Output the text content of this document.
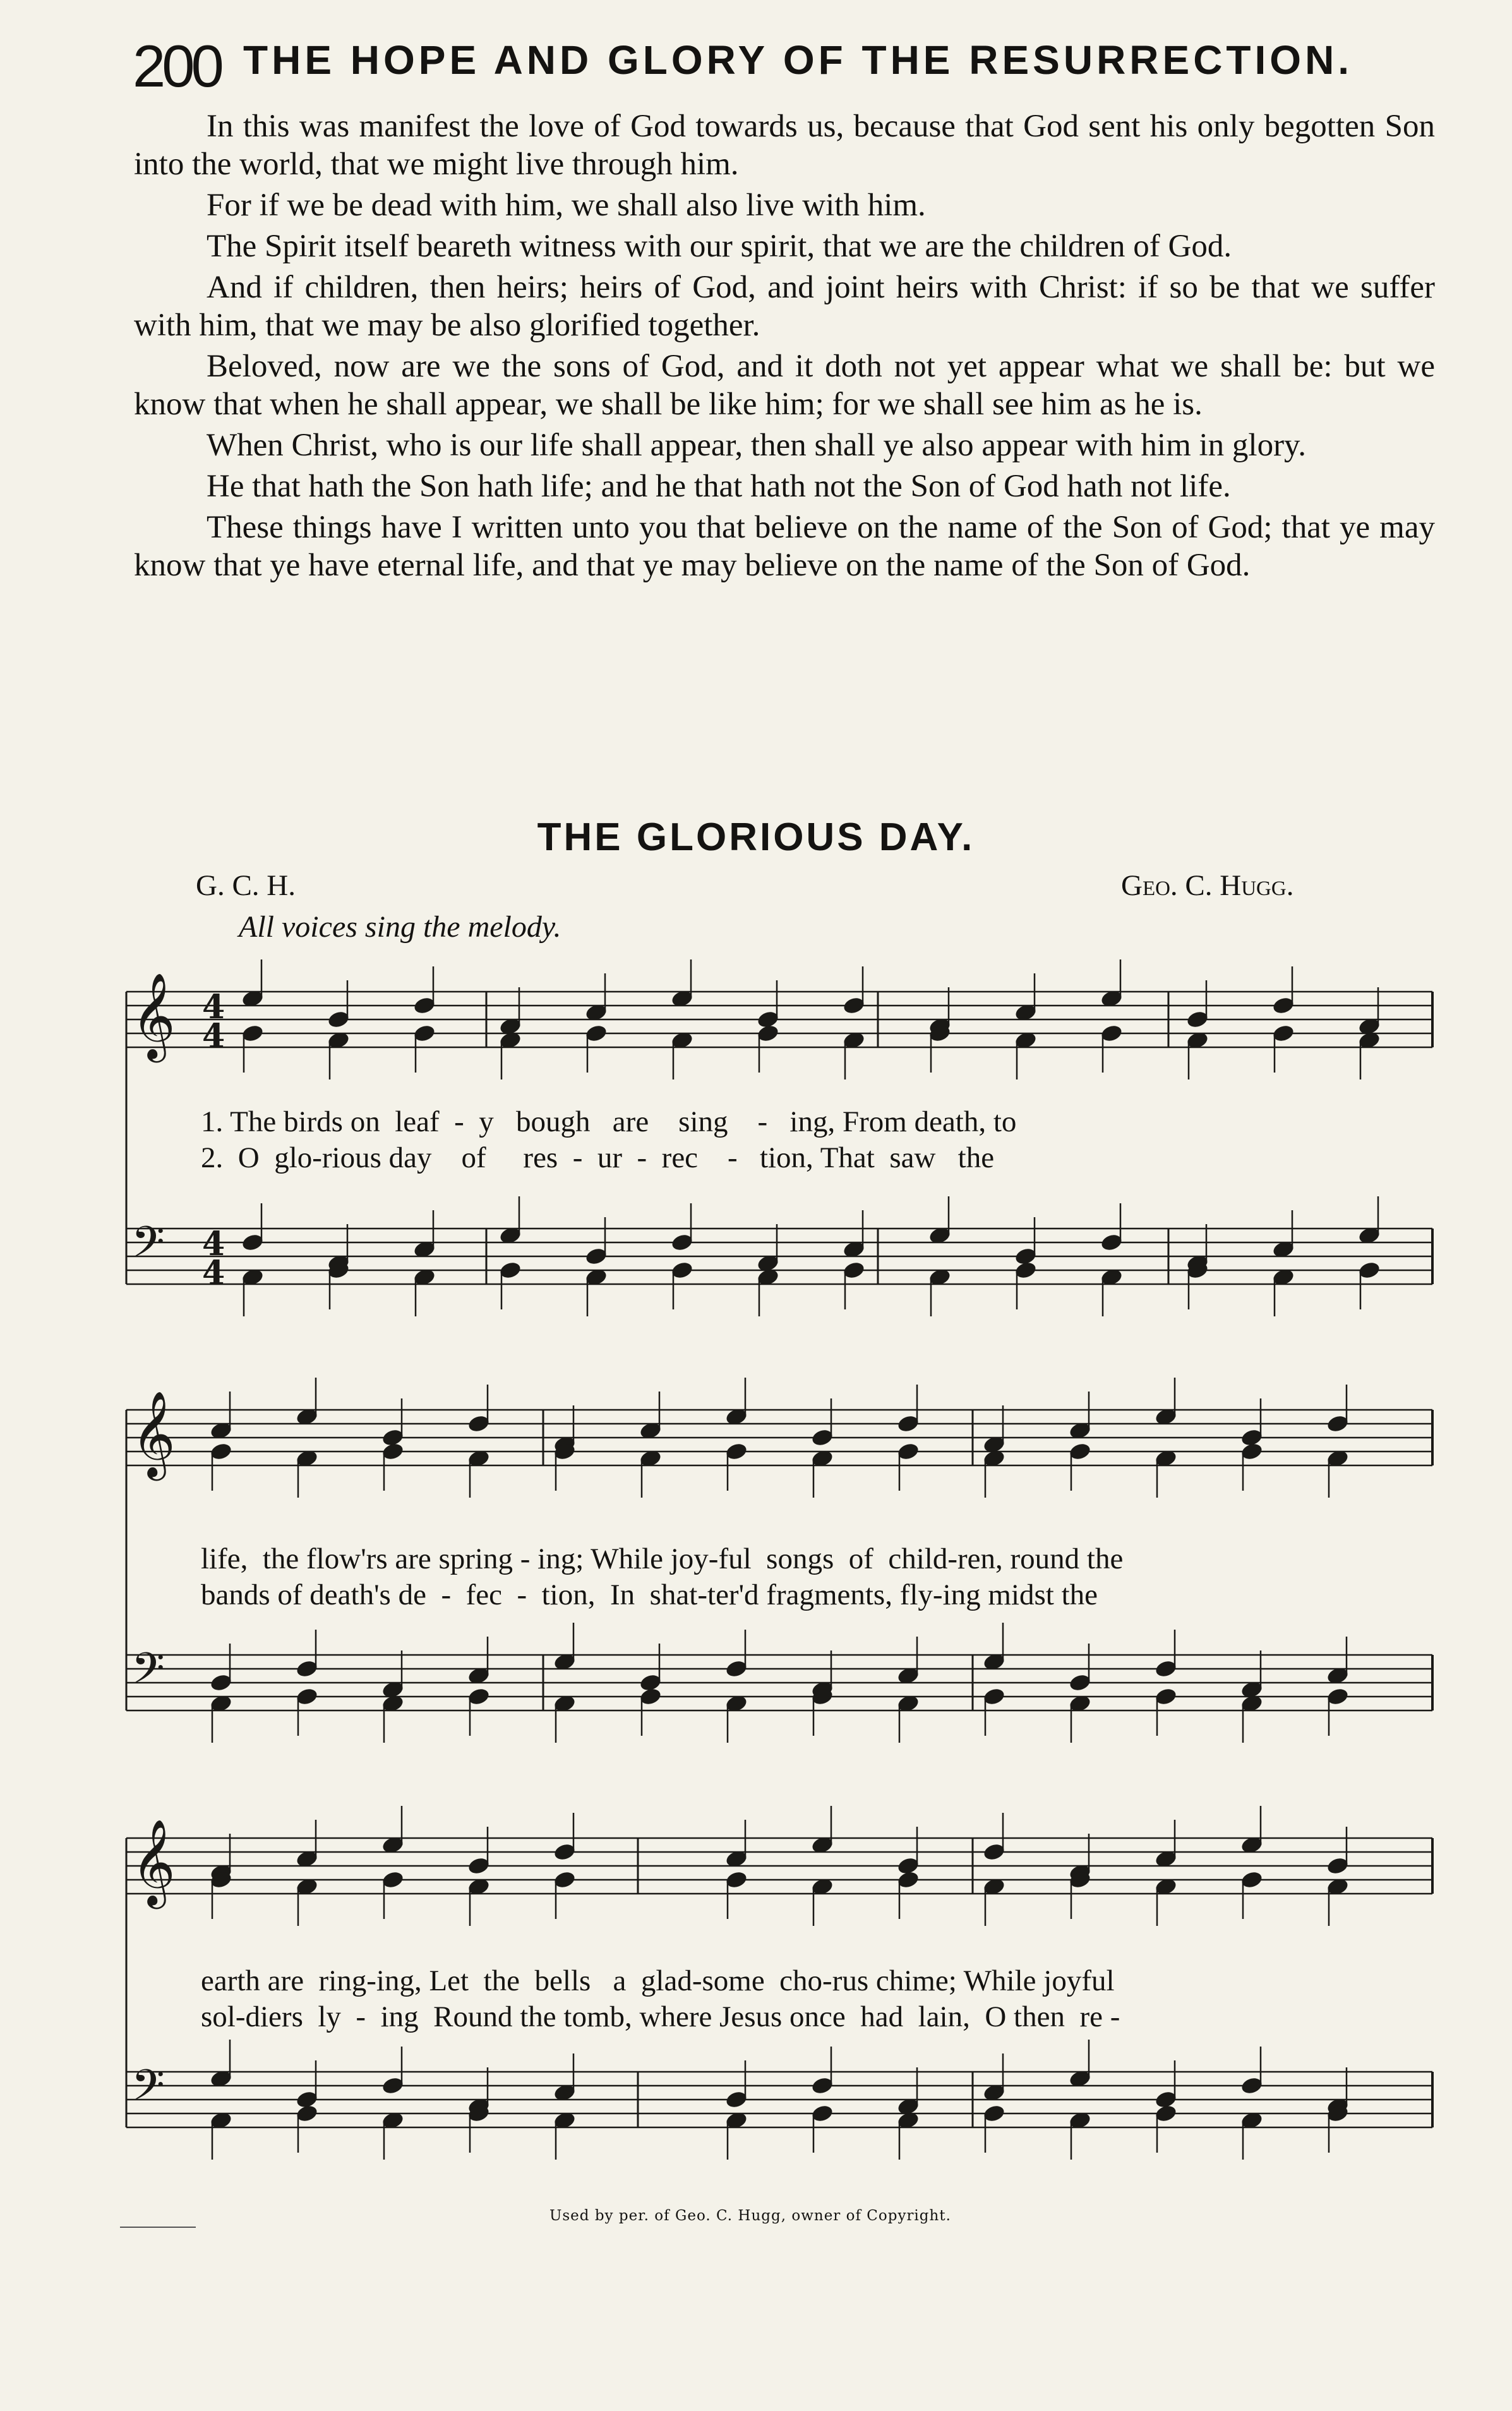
200 THE HOPE AND GLORY OF THE RESURRECTION.

In this was manifest the love of God towards us, because that God sent his only begotten Son into the world, that we might live through him.

For if we be dead with him, we shall also live with him.

The Spirit itself beareth witness with our spirit, that we are the children of God.

And if children, then heirs; heirs of God, and joint heirs with Christ: if so be that we suffer with him, that we may be also glorified together.

Beloved, now are we the sons of God, and it doth not yet appear what we shall be: but we know that when he shall appear, we shall be like him; for we shall see him as he is.

When Christ, who is our life shall appear, then shall ye also appear with him in glory.

He that hath the Son hath life; and he that hath not the Son of God hath not life.

These things have I written unto you that believe on the name of the Son of God; that ye may know that ye have eternal life, and that ye may believe on the name of the Son of God.

THE GLORIOUS DAY.
G. C. H.	Geo. C. Hugg.
All voices sing the melody.
𝄞 4
4
𝄢 4
4
𝄞
𝄢
𝄞
𝄢
1. The birds on  leaf  -  y   bough   are    sing    -   ing, From death, to
2.  O  glo-rious day    of     res  -  ur  -  rec    -   tion, That  saw   the
life,  the flow'rs are spring - ing; While joy-ful  songs  of  child-ren, round the
bands of death's de  -  fec  -  tion,  In  shat-ter'd fragments, fly-ing midst the
earth are  ring-ing, Let  the  bells   a  glad-some  cho-rus chime; While joyful
sol-diers  ly  -  ing  Round the tomb, where Jesus once  had  lain,  O then  re -
Used by per. of Geo. C. Hugg, owner of Copyright.
